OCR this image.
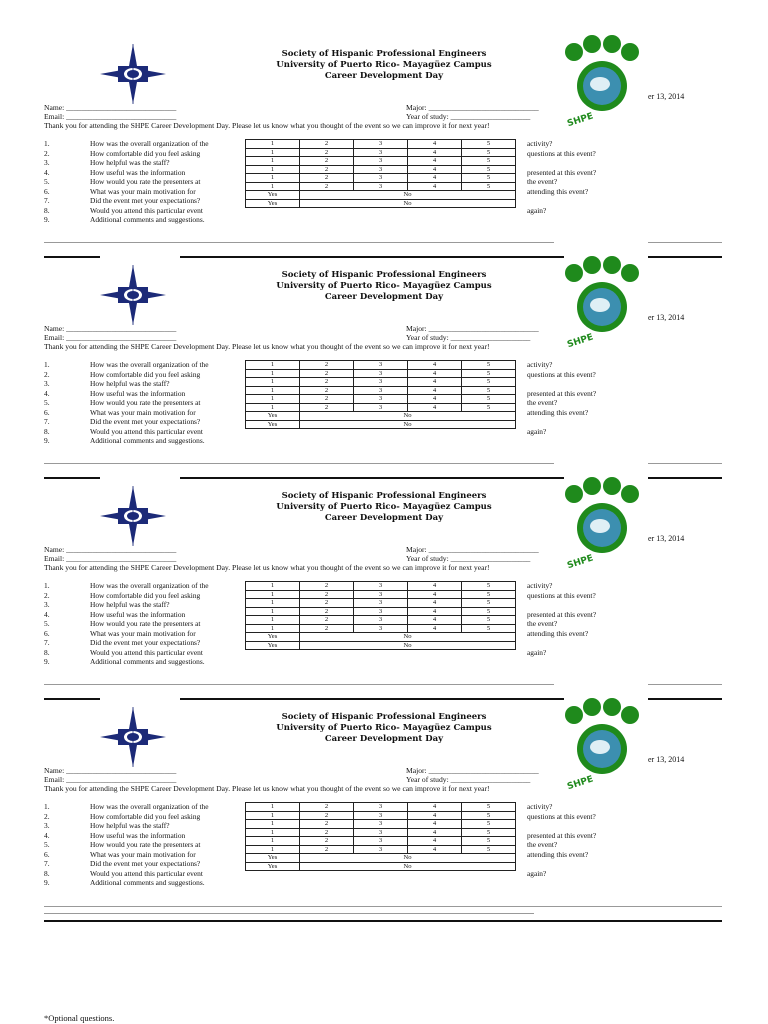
SHPE
er 13, 2014
Society of Hispanic Professional Engineers
University of Puerto Rico- Mayagüez Campus
Career Development Day
Name: _____________________________	Major: _____________________________
Email: _____________________________	Year of study: _____________________
Thank you for attending the SHPE Career Development Day. Please let us know what you thought of the event so we can improve it for next year!
1.	How was the overall organization of the	activity?
2.	How comfortable did you feel asking	questions at this event?
3.	How helpful was the staff?
4.	How useful was the information	presented at this event?
5.	How would you rate the presenters at	the event?
6.	What was your main motivation for	attending this event?
7.	Did the event met your expectations?
8.	Would you attend this particular event	again?
9.	Additional comments and suggestions.
1	2	3	4	5
1	2	3	4	5
1	2	3	4	5
1	2	3	4	5
1	2	3	4	5
1	2	3	4	5
Yes	No			
Yes	No			
SHPE
er 13, 2014
Society of Hispanic Professional Engineers
University of Puerto Rico- Mayagüez Campus
Career Development Day
Name: _____________________________	Major: _____________________________
Email: _____________________________	Year of study: _____________________
Thank you for attending the SHPE Career Development Day. Please let us know what you thought of the event so we can improve it for next year!
1.	How was the overall organization of the	activity?
2.	How comfortable did you feel asking	questions at this event?
3.	How helpful was the staff?
4.	How useful was the information	presented at this event?
5.	How would you rate the presenters at	the event?
6.	What was your main motivation for	attending this event?
7.	Did the event met your expectations?
8.	Would you attend this particular event	again?
9.	Additional comments and suggestions.
1	2	3	4	5
1	2	3	4	5
1	2	3	4	5
1	2	3	4	5
1	2	3	4	5
1	2	3	4	5
Yes	No			
Yes	No			
SHPE
er 13, 2014
Society of Hispanic Professional Engineers
University of Puerto Rico- Mayagüez Campus
Career Development Day
Name: _____________________________	Major: _____________________________
Email: _____________________________	Year of study: _____________________
Thank you for attending the SHPE Career Development Day. Please let us know what you thought of the event so we can improve it for next year!
1.	How was the overall organization of the	activity?
2.	How comfortable did you feel asking	questions at this event?
3.	How helpful was the staff?
4.	How useful was the information	presented at this event?
5.	How would you rate the presenters at	the event?
6.	What was your main motivation for	attending this event?
7.	Did the event met your expectations?
8.	Would you attend this particular event	again?
9.	Additional comments and suggestions.
1	2	3	4	5
1	2	3	4	5
1	2	3	4	5
1	2	3	4	5
1	2	3	4	5
1	2	3	4	5
Yes	No			
Yes	No			
SHPE
er 13, 2014
Society of Hispanic Professional Engineers
University of Puerto Rico- Mayagüez Campus
Career Development Day
Name: _____________________________	Major: _____________________________
Email: _____________________________	Year of study: _____________________
Thank you for attending the SHPE Career Development Day. Please let us know what you thought of the event so we can improve it for next year!
1.	How was the overall organization of the	activity?
2.	How comfortable did you feel asking	questions at this event?
3.	How helpful was the staff?
4.	How useful was the information	presented at this event?
5.	How would you rate the presenters at	the event?
6.	What was your main motivation for	attending this event?
7.	Did the event met your expectations?
8.	Would you attend this particular event	again?
9.	Additional comments and suggestions.
1	2	3	4	5
1	2	3	4	5
1	2	3	4	5
1	2	3	4	5
1	2	3	4	5
1	2	3	4	5
Yes	No			
Yes	No			
*Optional questions.
